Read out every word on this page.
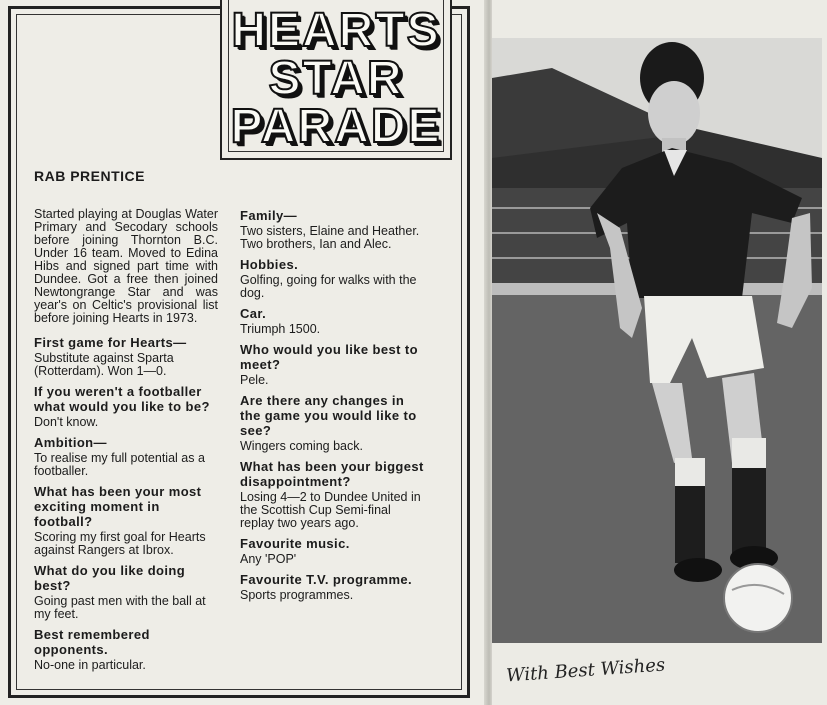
HEARTS
STAR
PARADE
RAB PRENTICE

Started playing at Douglas Water Primary and Secodary schools before joining Thornton B.C. Under 16 team. Moved to Edina Hibs and signed part time with Dundee. Got a free then joined Newtongrange Star and was year's on Celtic's provisional list before joining Hearts in 1973.

First game for Hearts—
Substitute against Sparta (Rotterdam). Won 1—0.
If you weren't a footballer what would you like to be?
Don't know.
Ambition—
To realise my full potential as a footballer.
What has been your most exciting moment in football?
Scoring my first goal for Hearts against Rangers at Ibrox.
What do you like doing best?
Going past men with the ball at my feet.
Best remembered opponents.
No-one in particular.
Family—
Two sisters, Elaine and Heather. Two brothers, Ian and Alec.
Hobbies.
Golfing, going for walks with the dog.
Car.
Triumph 1500.
Who would you like best to meet?
Pele.
Are there any changes in the game you would like to see?
Wingers coming back.
What has been your biggest disappointment?
Losing 4—2 to Dundee United in the Scottish Cup Semi-final replay two years ago.
Favourite music.
Any 'POP'
Favourite T.V. programme.
Sports programmes.
With Best Wishes
